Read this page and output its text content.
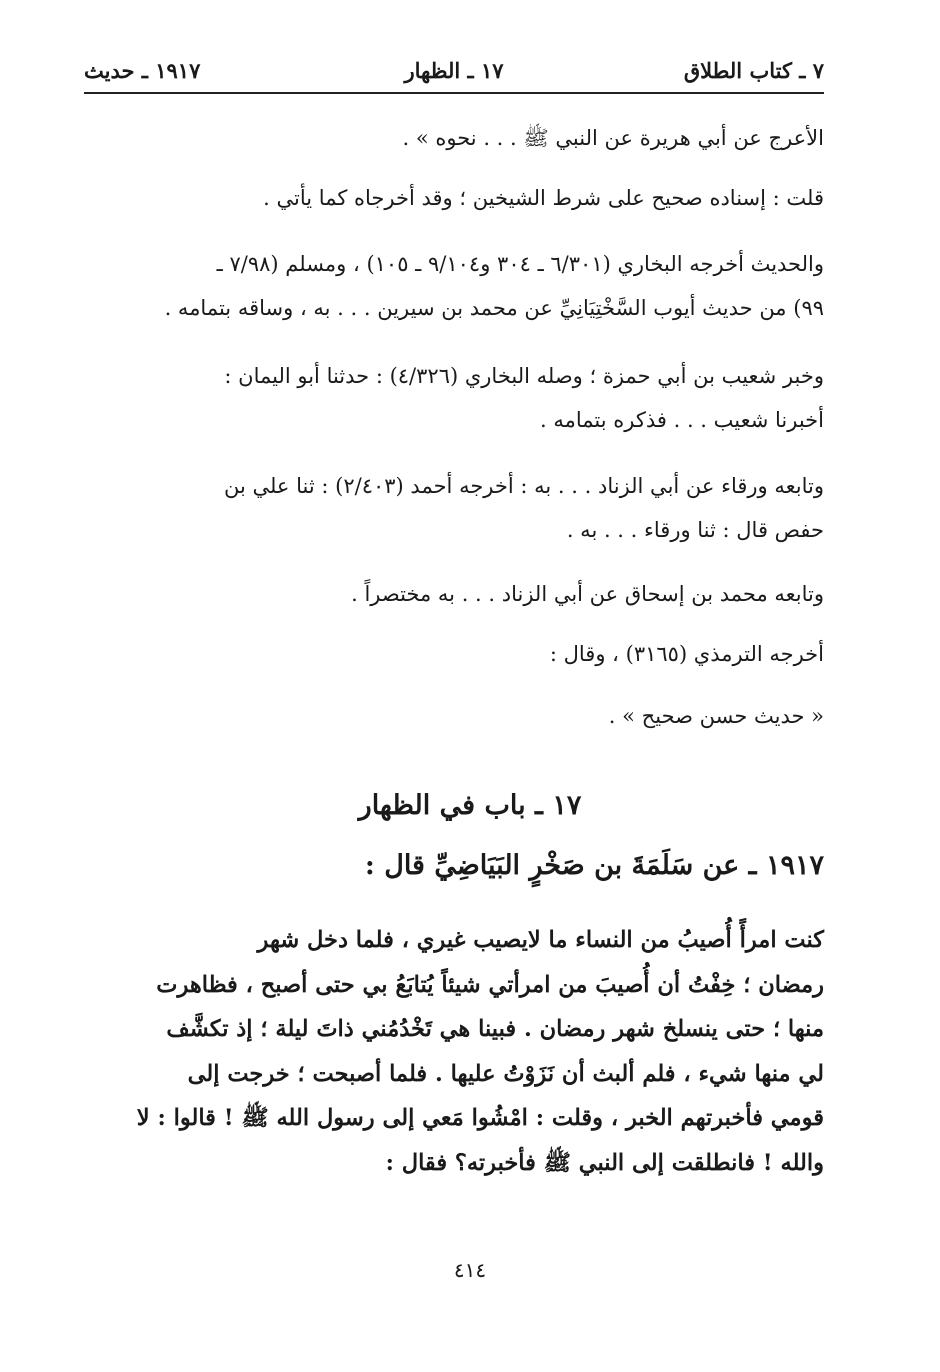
٧ ـ كتاب الطلاق
١٧ ـ الظهار
١٩١٧ ـ حديث
الأعرج عن أبي هريرة عن النبي ﷺ . . . نحوه » .
قلت : إسناده صحيح على شرط الشيخين ؛ وقد أخرجاه كما يأتي .
والحديث أخرجه البخاري (٦/٣٠١ ـ ٣٠٤ و٩/١٠٤ ـ ١٠٥) ، ومسلم (٧/٩٨ ـ
٩٩) من حديث أيوب السَّخْتِيَانِيِّ عن محمد بن سيرين . . . به ، وساقه بتمامه .
وخبر شعيب بن أبي حمزة ؛ وصله البخاري (٤/٣٢٦) : حدثنا أبو اليمان :
أخبرنا شعيب . . . فذكره بتمامه .
وتابعه ورقاء عن أبي الزناد . . . به : أخرجه أحمد (٢/٤٠٣) : ثنا علي بن
حفص قال : ثنا ورقاء . . . به .
وتابعه محمد بن إسحاق عن أبي الزناد . . . به مختصراً .
أخرجه الترمذي (٣١٦٥) ، وقال :
« حديث حسن صحيح » .
١٧ ـ باب في الظهار
١٩١٧ ـ عن سَلَمَةَ بن صَخْرٍ البَيَاضِيِّ قال :
كنت امرأً أُصيبُ من النساء ما لايصيب غيري ، فلما دخل شهر
رمضان ؛ خِفْتُ أن أُصيبَ من امرأتي شيئاً يُتابَعُ بي حتى أصبح ، فظاهرت
منها ؛ حتى ينسلخ شهر رمضان . فبينا هي تَخْدُمُني ذاتَ ليلة ؛ إذ تكشَّف
لي منها شيء ، فلم ألبث أن نَزَوْتُ عليها . فلما أصبحت ؛ خرجت إلى
قومي فأخبرتهم الخبر ، وقلت : امْشُوا مَعي إلى رسول الله ﷺ ! قالوا : لا
والله ! فانطلقت إلى النبي ﷺ فأخبرته؟ فقال :
٤١٤
